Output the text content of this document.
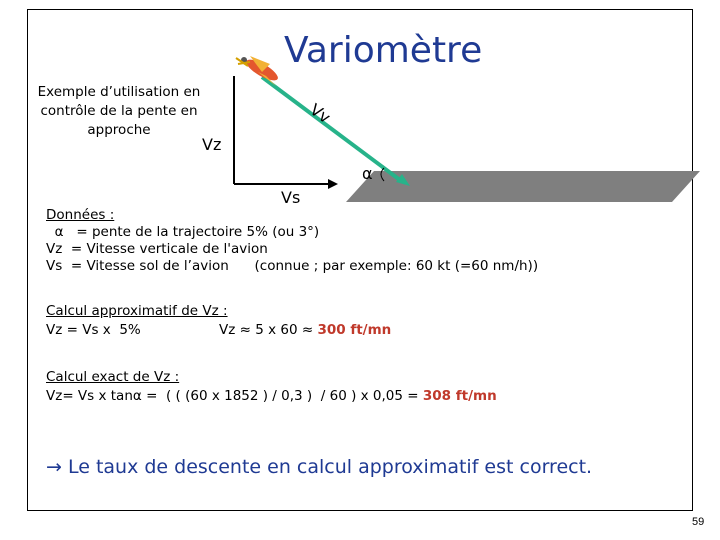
Variomètre
Exemple d’utilisation en contrôle de la pente en approche
Vz
Vv
Vs
α
Données :
α   = pente de la trajectoire 5% (ou 3°)
Vz  = Vitesse verticale de l'avion
Vs  = Vitesse sol de l’avion      (connue ; par exemple: 60 kt (=60 nm/h))
Calcul approximatif de Vz :
Vz = Vs x  5%	Vz ≈ 5 x 60 ≈ 300 ft/mn
Calcul exact de Vz :
Vz= Vs x tanα =  ( ( (60 x 1852 ) / 0,3 )  / 60 ) x 0,05 = 308 ft/mn
→ Le taux de descente en calcul approximatif est correct.
59
